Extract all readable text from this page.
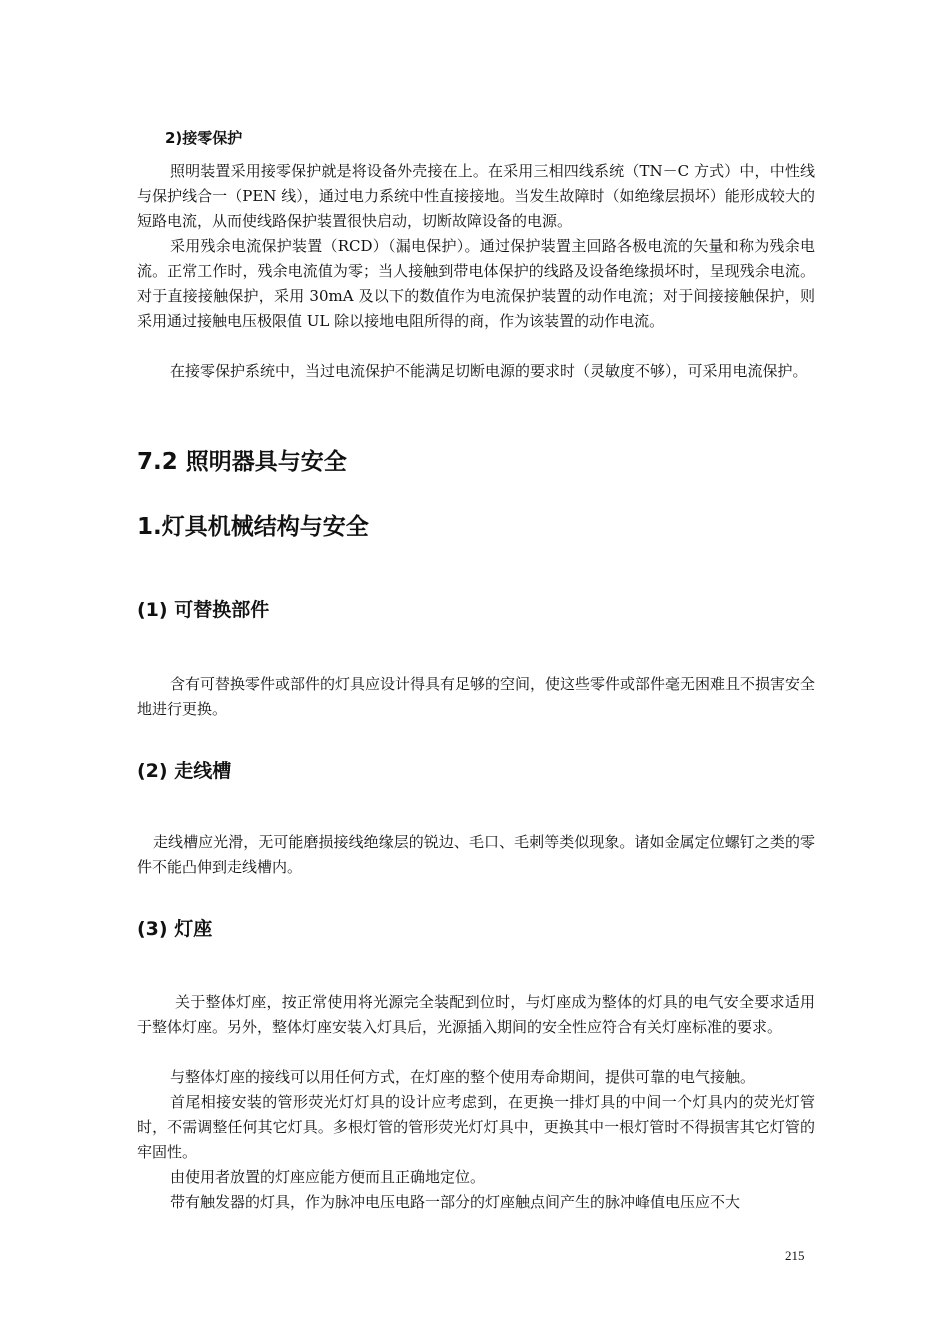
2)接零保护

照明装置采用接零保护就是将设备外壳接在上。在采用三相四线系统（TN－C 方式）中，中性线与保护线合一（PEN 线），通过电力系统中性直接接地。当发生故障时（如绝缘层损坏）能形成较大的短路电流，从而使线路保护装置很快启动，切断故障设备的电源。

采用残余电流保护装置（RCD）（漏电保护）。通过保护装置主回路各极电流的矢量和称为残余电流。正常工作时，残余电流值为零；当人接触到带电体保护的线路及设备绝缘损坏时，呈现残余电流。对于直接接触保护，采用 30mA 及以下的数值作为电流保护装置的动作电流；对于间接接触保护，则采用通过接触电压极限值 UL 除以接地电阻所得的商，作为该装置的动作电流。

在接零保护系统中，当过电流保护不能满足切断电源的要求时（灵敏度不够），可采用电流保护。

7.2 照明器具与安全
1.灯具机械结构与安全
(1) 可替换部件

含有可替换零件或部件的灯具应设计得具有足够的空间，使这些零件或部件毫无困难且不损害安全地进行更换。

(2) 走线槽

走线槽应光滑，无可能磨损接线绝缘层的锐边、毛口、毛刺等类似现象。诸如金属定位螺钉之类的零件不能凸伸到走线槽内。

(3) 灯座

关于整体灯座，按正常使用将光源完全装配到位时，与灯座成为整体的灯具的电气安全要求适用于整体灯座。另外，整体灯座安装入灯具后，光源插入期间的安全性应符合有关灯座标准的要求。

与整体灯座的接线可以用任何方式，在灯座的整个使用寿命期间，提供可靠的电气接触。

首尾相接安装的管形荧光灯灯具的设计应考虑到，在更换一排灯具的中间一个灯具内的荧光灯管时，不需调整任何其它灯具。多根灯管的管形荧光灯灯具中，更换其中一根灯管时不得损害其它灯管的牢固性。

由使用者放置的灯座应能方便而且正确地定位。

带有触发器的灯具，作为脉冲电压电路一部分的灯座触点间产生的脉冲峰值电压应不大

215
